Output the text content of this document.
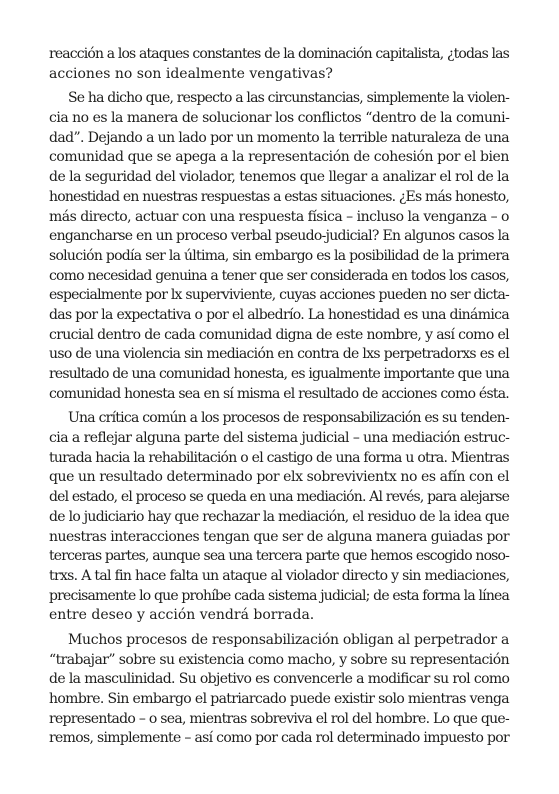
reacción a los ataques constantes de la dominación capitalista, ¿todas las
acciones no son idealmente vengativas?
Se ha dicho que, respecto a las circunstancias, simplemente la violen-
cia no es la manera de solucionar los conflictos “dentro de la comuni-
dad”. Dejando a un lado por un momento la terrible naturaleza de una
comunidad que se apega a la representación de cohesión por el bien
de la seguridad del violador, tenemos que llegar a analizar el rol de la
honestidad en nuestras respuestas a estas situaciones. ¿Es más honesto,
más directo, actuar con una respuesta física – incluso la venganza – o
engancharse en un proceso verbal pseudo-judicial? En algunos casos la
solución podía ser la última, sin embargo es la posibilidad de la primera
como necesidad genuina a tener que ser considerada en todos los casos,
especialmente por lx superviviente, cuyas acciones pueden no ser dicta-
das por la expectativa o por el albedrío. La honestidad es una dinámica
crucial dentro de cada comunidad digna de este nombre, y así como el
uso de una violencia sin mediación en contra de lxs perpetradorxs es el
resultado de una comunidad honesta, es igualmente importante que una
comunidad honesta sea en sí misma el resultado de acciones como ésta.
Una crítica común a los procesos de responsabilización es su tenden-
cia a reflejar alguna parte del sistema judicial – una mediación estruc-
turada hacia la rehabilitación o el castigo de una forma u otra. Mientras
que un resultado determinado por elx sobrevivientx no es afín con el
del estado, el proceso se queda en una mediación. Al revés, para alejarse
de lo judiciario hay que rechazar la mediación, el residuo de la idea que
nuestras interacciones tengan que ser de alguna manera guiadas por
terceras partes, aunque sea una tercera parte que hemos escogido noso-
trxs. A tal fin hace falta un ataque al violador directo y sin mediaciones,
precisamente lo que prohíbe cada sistema judicial; de esta forma la línea
entre deseo y acción vendrá borrada.
Muchos procesos de responsabilización obligan al perpetrador a
“trabajar” sobre su existencia como macho, y sobre su representación
de la masculinidad. Su objetivo es convencerle a modificar su rol como
hombre. Sin embargo el patriarcado puede existir solo mientras venga
representado – o sea, mientras sobreviva el rol del hombre. Lo que que-
remos, simplemente – así como por cada rol determinado impuesto por
